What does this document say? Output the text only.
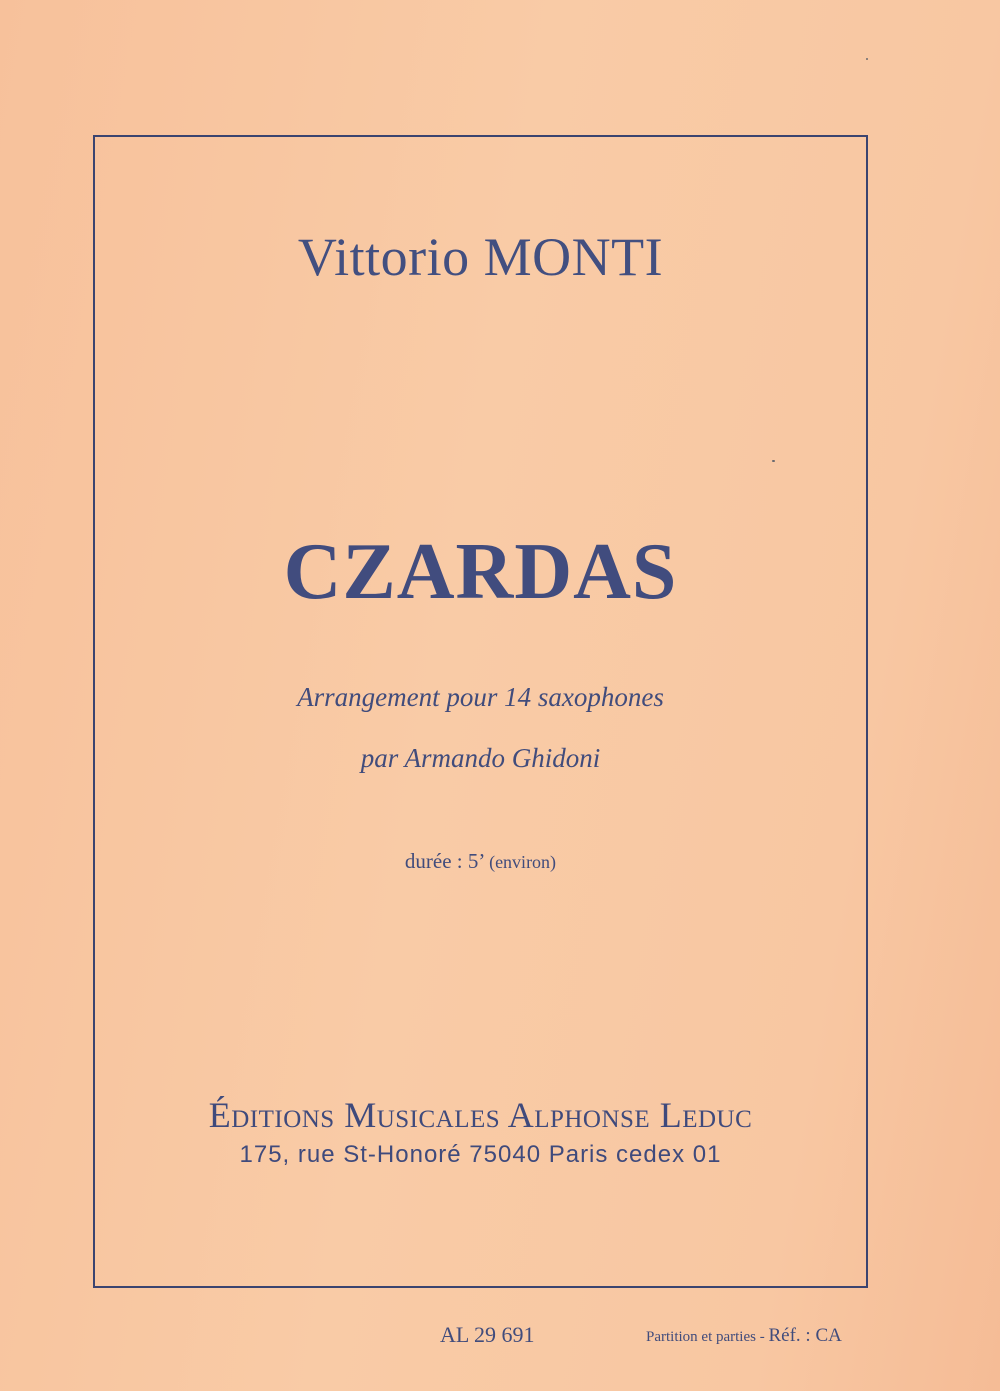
Vittorio MONTI
CZARDAS
Arrangement pour 14 saxophones
par Armando Ghidoni
durée : 5’ (environ)
Éditions Musicales Alphonse Leduc
175, rue St-Honoré 75040 Paris cedex 01
AL 29 691	Partition et parties - Réf. : CA
